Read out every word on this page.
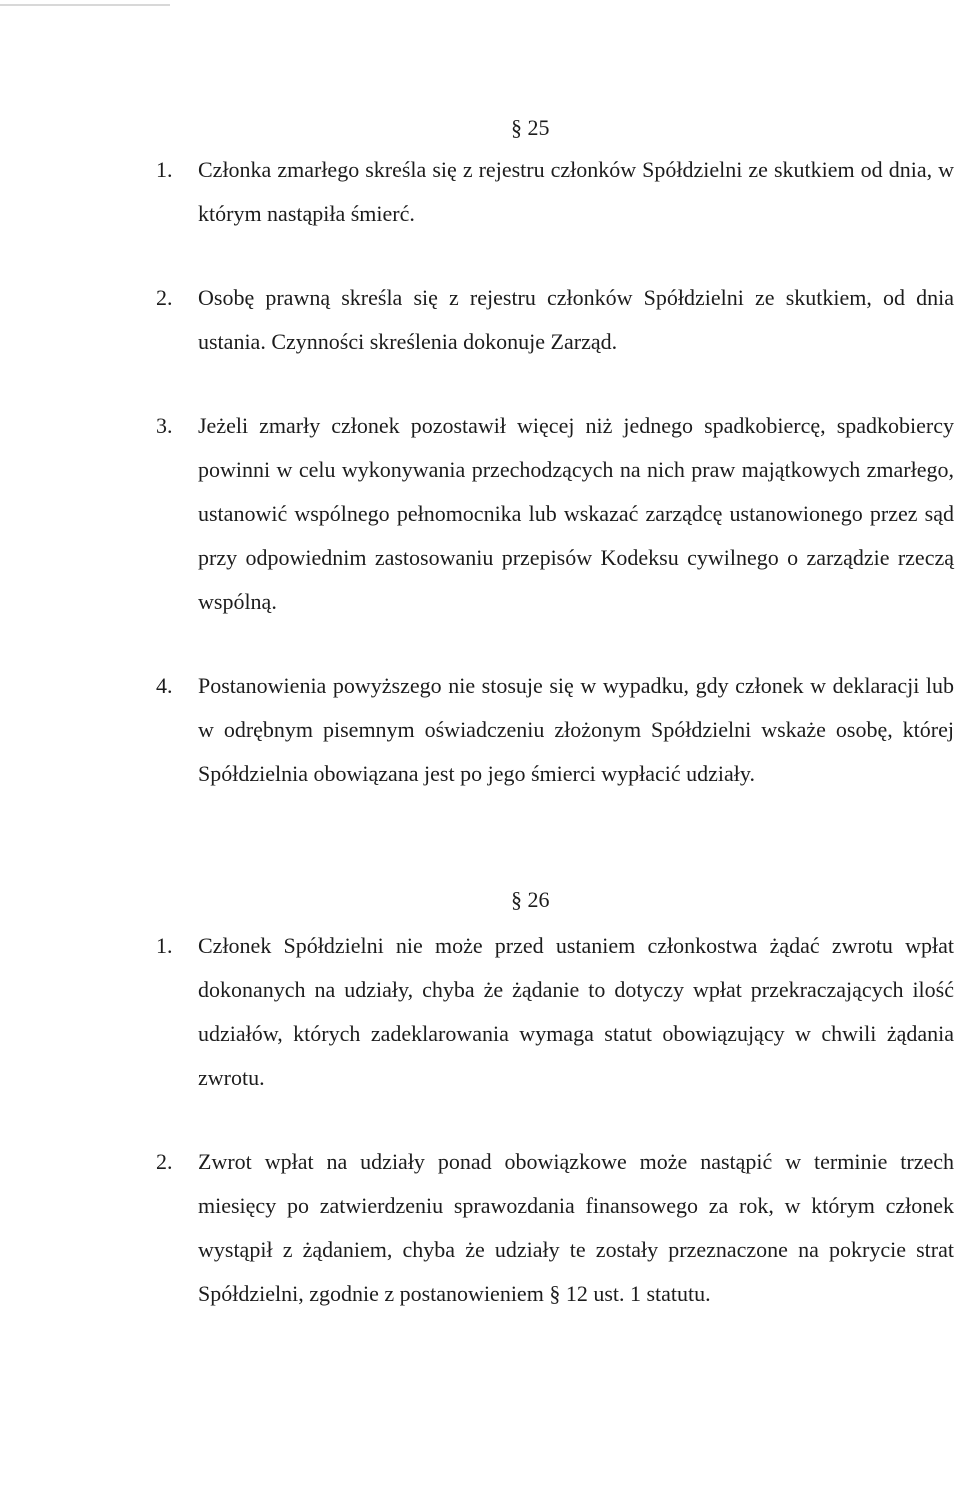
§ 25
1. Członka zmarłego skreśla się z rejestru członków Spółdzielni ze skutkiem od dnia, w którym nastąpiła śmierć.
2. Osobę prawną skreśla się z rejestru członków Spółdzielni ze skutkiem, od dnia ustania. Czynności skreślenia dokonuje Zarząd.
3. Jeżeli zmarły członek pozostawił więcej niż jednego spadkobiercę, spadkobiercy powinni w celu wykonywania przechodzących na nich praw majątkowych zmarłego, ustanowić wspólnego pełnomocnika lub wskazać zarządcę ustanowionego przez sąd przy odpowiednim zastosowaniu przepisów Kodeksu cywilnego o zarządzie rzeczą wspólną.
4. Postanowienia powyższego nie stosuje się w wypadku, gdy członek w deklaracji lub w odrębnym pisemnym oświadczeniu złożonym Spółdzielni wskaże osobę, której Spółdzielnia obowiązana jest po jego śmierci wypłacić udziały.
§ 26
1. Członek Spółdzielni nie może przed ustaniem członkostwa żądać zwrotu wpłat dokonanych na udziały, chyba że żądanie to dotyczy wpłat przekraczających ilość udziałów, których zadeklarowania wymaga statut obowiązujący w chwili żądania zwrotu.
2. Zwrot wpłat na udziały ponad obowiązkowe może nastąpić w terminie trzech miesięcy po zatwierdzeniu sprawozdania finansowego za rok, w którym członek wystąpił z żądaniem, chyba że udziały te zostały przeznaczone na pokrycie strat Spółdzielni, zgodnie z postanowieniem § 12 ust. 1 statutu.
